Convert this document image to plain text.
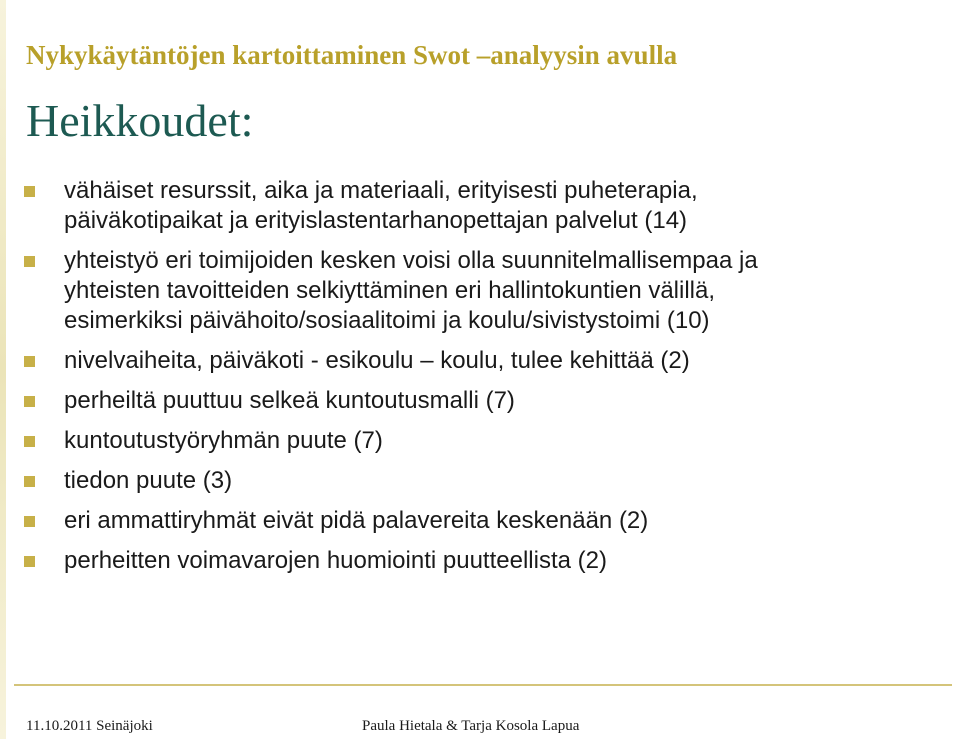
Nykykäytäntöjen kartoittaminen Swot –analyysin avulla
Heikkoudet:
vähäiset resurssit, aika ja materiaali, erityisesti puheterapia,
päiväkotipaikat ja erityislastentarhanopettajan palvelut (14)
yhteistyö eri toimijoiden kesken voisi olla suunnitelmallisempaa ja
yhteisten tavoitteiden selkiyttäminen eri hallintokuntien välillä,
esimerkiksi päivähoito/sosiaalitoimi ja koulu/sivistystoimi (10)
nivelvaiheita, päiväkoti - esikoulu – koulu, tulee kehittää (2)
perheiltä puuttuu selkeä kuntoutusmalli (7)
kuntoutustyöryhmän puute (7)
tiedon puute (3)
eri ammattiryhmät eivät pidä palavereita keskenään (2)
perheitten voimavarojen huomiointi puutteellista (2)
11.10.2011 Seinäjoki	Paula Hietala & Tarja Kosola Lapua
